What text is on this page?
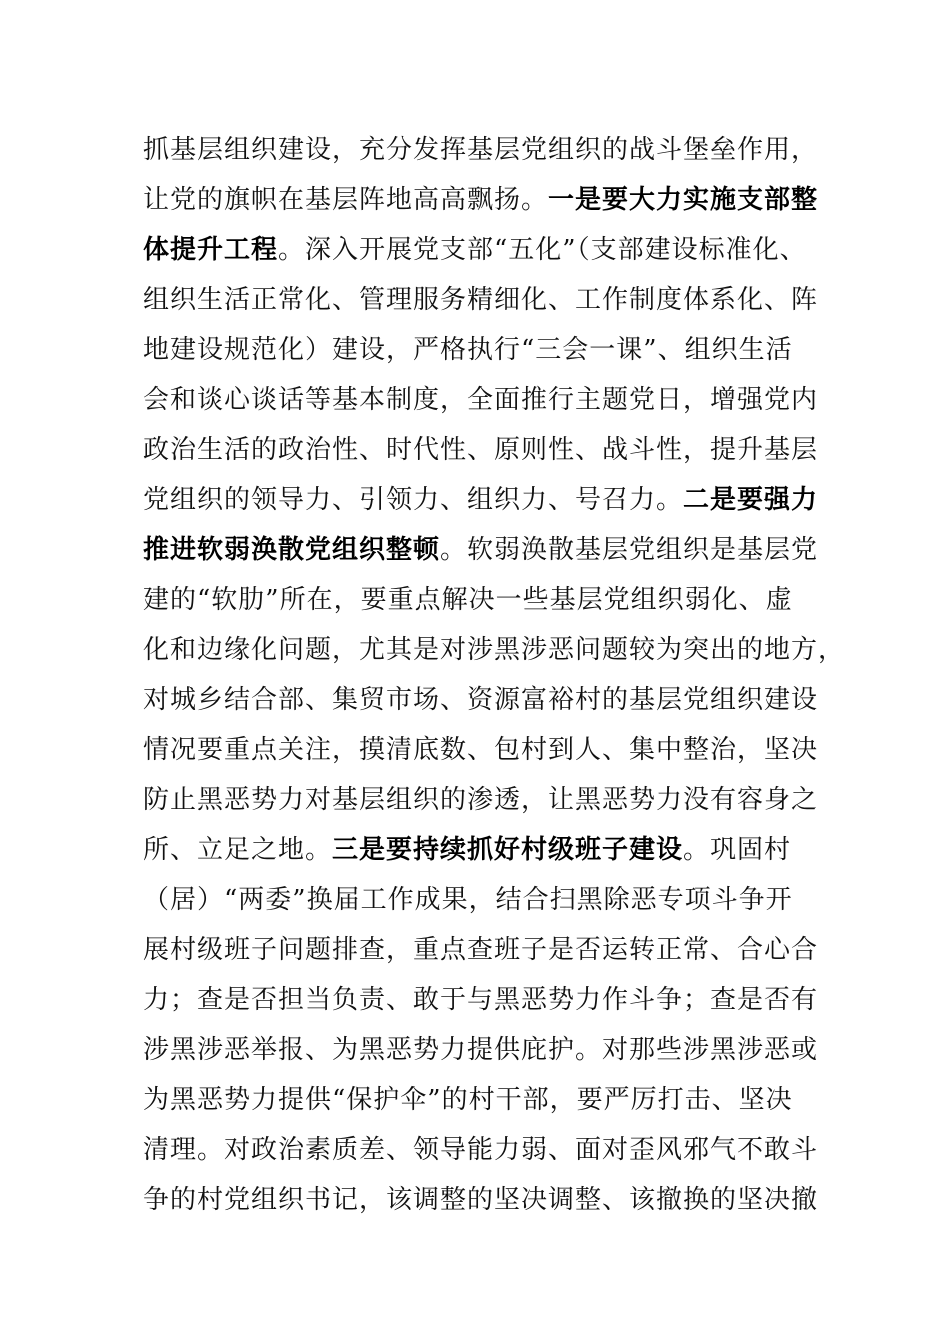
抓基层组织建设，充分发挥基层党组织的战斗堡垒作用，
让党的旗帜在基层阵地高高飘扬。一是要大力实施支部整
体提升工程。深入开展党支部“五化”（支部建设标准化、
组织生活正常化、管理服务精细化、工作制度体系化、阵
地建设规范化）建设，严格执行“三会一课”、组织生活
会和谈心谈话等基本制度，全面推行主题党日，增强党内
政治生活的政治性、时代性、原则性、战斗性，提升基层
党组织的领导力、引领力、组织力、号召力。二是要强力
推进软弱涣散党组织整顿。软弱涣散基层党组织是基层党
建的“软肋”所在，要重点解决一些基层党组织弱化、虚
化和边缘化问题，尤其是对涉黑涉恶问题较为突出的地方，
对城乡结合部、集贸市场、资源富裕村的基层党组织建设
情况要重点关注，摸清底数、包村到人、集中整治，坚决
防止黑恶势力对基层组织的渗透，让黑恶势力没有容身之
所、立足之地。三是要持续抓好村级班子建设。巩固村
（居）“两委”换届工作成果，结合扫黑除恶专项斗争开
展村级班子问题排查，重点查班子是否运转正常、合心合
力；查是否担当负责、敢于与黑恶势力作斗争；查是否有
涉黑涉恶举报、为黑恶势力提供庇护。对那些涉黑涉恶或
为黑恶势力提供“保护伞”的村干部，要严厉打击、坚决
清理。对政治素质差、领导能力弱、面对歪风邪气不敢斗
争的村党组织书记，该调整的坚决调整、该撤换的坚决撤
